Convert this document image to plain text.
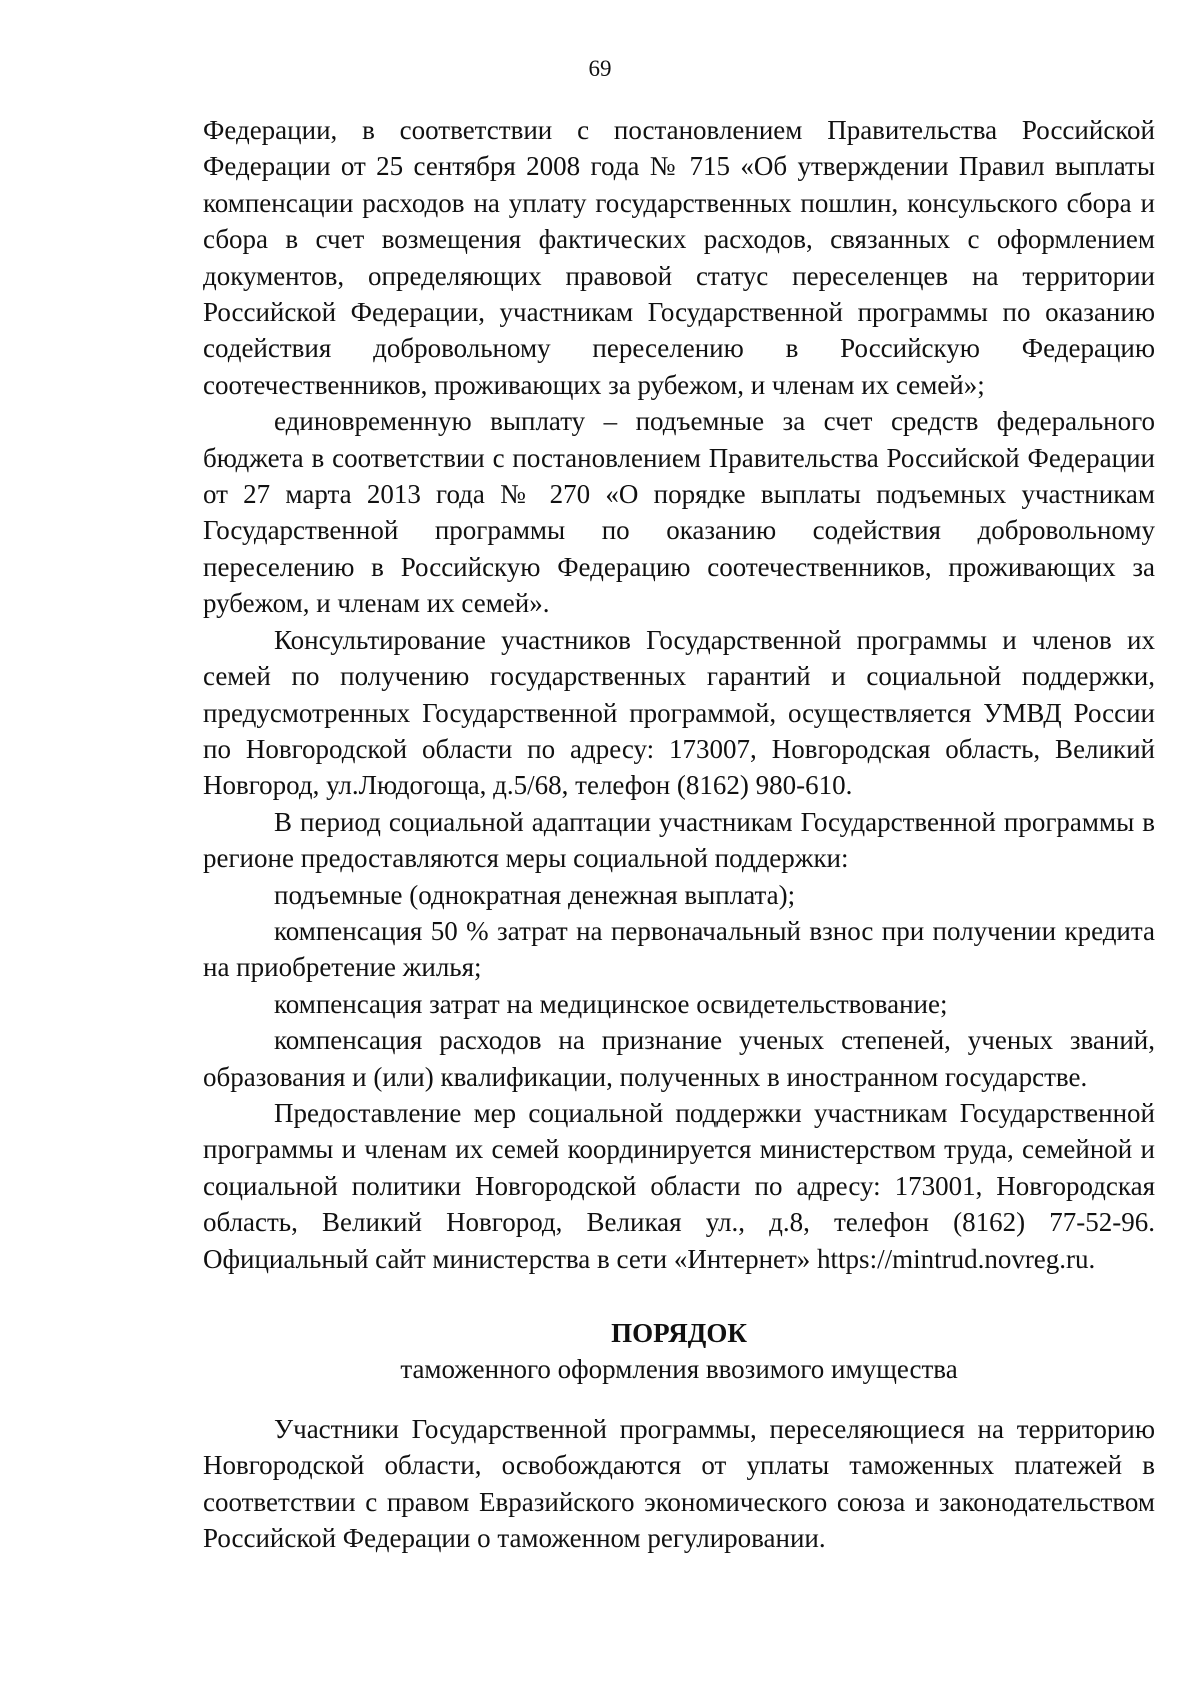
69

Федерации, в соответствии с постановлением Правительства Российской Федерации от 25 сентября 2008 года № 715 «Об утверждении Правил выплаты компенсации расходов на уплату государственных пошлин, консульского сбора и сбора в счет возмещения фактических расходов, связанных с оформлением документов, определяющих правовой статус переселенцев на территории Российской Федерации, участникам Государственной программы по оказанию содействия добровольному переселению в Российскую Федерацию соотечественников, проживающих за рубежом, и членам их семей»;

единовременную выплату – подъемные за счет средств федерального бюджета в соответствии с постановлением Правительства Российской Федерации от 27 марта 2013 года № 270 «О порядке выплаты подъемных участникам Государственной программы по оказанию содействия добровольному переселению в Российскую Федерацию соотечественников, проживающих за рубежом, и членам их семей».

Консультирование участников Государственной программы и членов их семей по получению государственных гарантий и социальной поддержки, предусмотренных Государственной программой, осуществляется УМВД России по Новгородской области по адресу: 173007, Новгородская область, Великий Новгород, ул.Людогоща, д.5/68, телефон (8162) 980-610.

В период социальной адаптации участникам Государственной программы в регионе предоставляются меры социальной поддержки:

подъемные (однократная денежная выплата);

компенсация 50 % затрат на первоначальный взнос при получении кредита на приобретение жилья;

компенсация затрат на медицинское освидетельствование;

компенсация расходов на признание ученых степеней, ученых званий, образования и (или) квалификации, полученных в иностранном государстве.

Предоставление мер социальной поддержки участникам Государственной программы и членам их семей координируется министерством труда, семейной и социальной политики Новгородской области по адресу: 173001, Новгородская область, Великий Новгород, Великая ул., д.8, телефон (8162) 77-52-96. Официальный сайт министерства в сети «Интернет» https://mintrud.novreg.ru.

ПОРЯДОК
таможенного оформления ввозимого имущества

Участники Государственной программы, переселяющиеся на территорию Новгородской области, освобождаются от уплаты таможенных платежей в соответствии с правом Евразийского экономического союза и законодательством Российской Федерации о таможенном регулировании.
